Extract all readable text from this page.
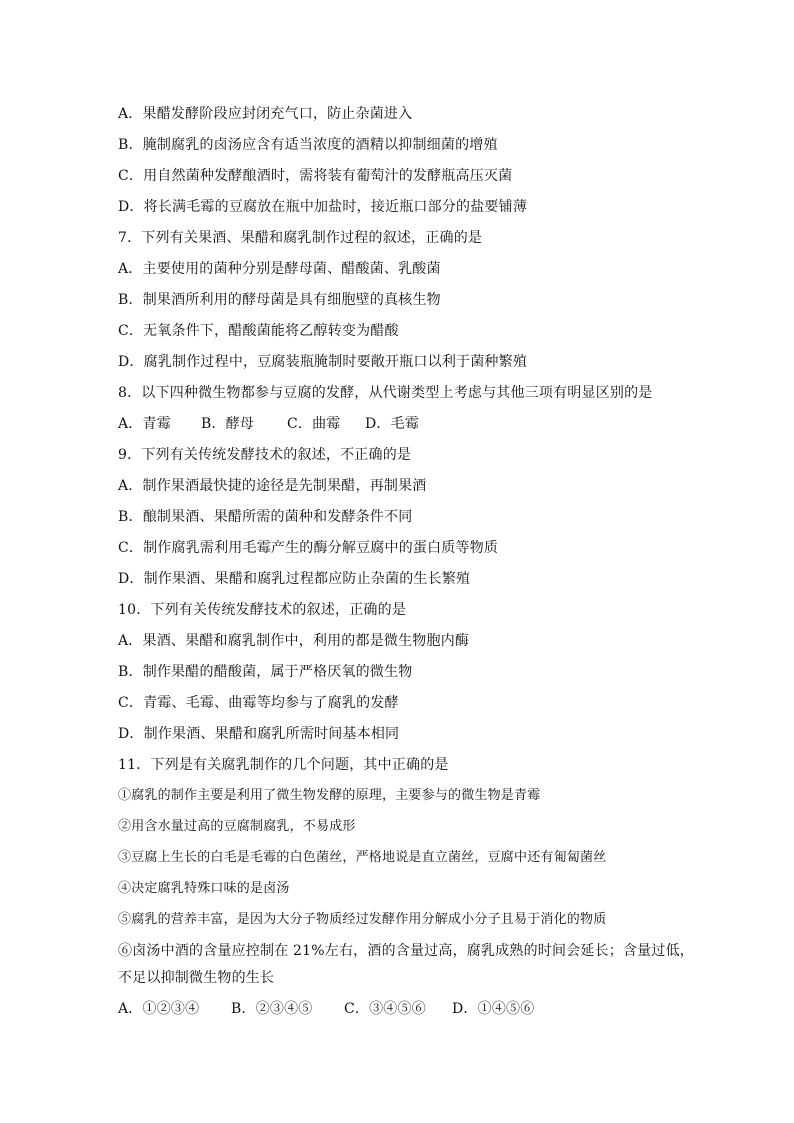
A．果醋发酵阶段应封闭充气口，防止杂菌进入
B．腌制腐乳的卤汤应含有适当浓度的酒精以抑制细菌的增殖
C．用自然菌种发酵酿酒时，需将装有葡萄汁的发酵瓶高压灭菌
D．将长满毛霉的豆腐放在瓶中加盐时，接近瓶口部分的盐要铺薄
7．下列有关果酒、果醋和腐乳制作过程的叙述，正确的是
A．主要使用的菌种分别是酵母菌、醋酸菌、乳酸菌
B．制果酒所利用的酵母菌是具有细胞壁的真核生物
C．无氧条件下，醋酸菌能将乙醇转变为醋酸
D．腐乳制作过程中，豆腐装瓶腌制时要敞开瓶口以利于菌种繁殖
8．以下四种微生物都参与豆腐的发酵，从代谢类型上考虑与其他三项有明显区别的是
A．青霉	B．酵母	C．曲霉	D．毛霉
9．下列有关传统发酵技术的叙述，不正确的是
A．制作果酒最快捷的途径是先制果醋，再制果酒
B．酿制果酒、果醋所需的菌种和发酵条件不同
C．制作腐乳需利用毛霉产生的酶分解豆腐中的蛋白质等物质
D．制作果酒、果醋和腐乳过程都应防止杂菌的生长繁殖
10．下列有关传统发酵技术的叙述，正确的是
A．果酒、果醋和腐乳制作中，利用的都是微生物胞内酶
B．制作果醋的醋酸菌，属于严格厌氧的微生物
C．青霉、毛霉、曲霉等均参与了腐乳的发酵
D．制作果酒、果醋和腐乳所需时间基本相同
11．下列是有关腐乳制作的几个问题，其中正确的是
①腐乳的制作主要是利用了微生物发酵的原理，主要参与的微生物是青霉
②用含水量过高的豆腐制腐乳，不易成形
③豆腐上生长的白毛是毛霉的白色菌丝，严格地说是直立菌丝，豆腐中还有匍匐菌丝
④决定腐乳特殊口味的是卤汤
⑤腐乳的营养丰富，是因为大分子物质经过发酵作用分解成小分子且易于消化的物质
⑥卤汤中酒的含量应控制在 21%左右，酒的含量过高，腐乳成熟的时间会延长；含量过低，
不足以抑制微生物的生长
A．①②③④	B．②③④⑤	C．③④⑤⑥	D．①④⑤⑥
